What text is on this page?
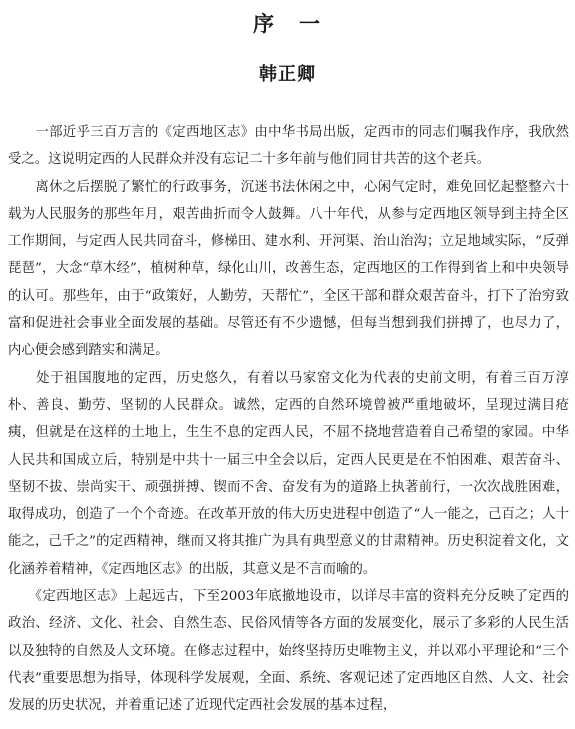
序　一
韩正卿

　　一部近乎三百万言的《定西地区志》由中华书局出版，定西市的同志们嘱我作序，我欣然受之。这说明定西的人民群众并没有忘记二十多年前与他们同甘共苦的这个老兵。

　　离休之后摆脱了繁忙的行政事务，沉迷书法休闲之中，心闲气定时，难免回忆起整整六十载为人民服务的那些年月，艰苦曲折而令人鼓舞。八十年代，从参与定西地区领导到主持全区工作期间，与定西人民共同奋斗，修梯田、建水利、开河渠、治山治沟；立足地域实际，“反弹琵琶”，大念“草木经”，植树种草，绿化山川，改善生态，定西地区的工作得到省上和中央领导的认可。那些年，由于“政策好，人勤劳，天帮忙”，全区干部和群众艰苦奋斗，打下了治穷致富和促进社会事业全面发展的基础。尽管还有不少遗憾，但每当想到我们拼搏了，也尽力了，内心便会感到踏实和满足。

　　处于祖国腹地的定西，历史悠久，有着以马家窑文化为代表的史前文明，有着三百万淳朴、善良、勤劳、坚韧的人民群众。诚然，定西的自然环境曾被严重地破坏，呈现过满目疮痍，但就是在这样的土地上，生生不息的定西人民，不屈不挠地营造着自己希望的家园。中华人民共和国成立后，特别是中共十一届三中全会以后，定西人民更是在不怕困难、艰苦奋斗、坚韧不拔、崇尚实干、顽强拼搏、锲而不舍、奋发有为的道路上执著前行，一次次战胜困难，取得成功，创造了一个个奇迹。在改革开放的伟大历史进程中创造了“人一能之，己百之；人十能之，己千之”的定西精神，继而又将其推广为具有典型意义的甘肃精神。历史积淀着文化，文化涵养着精神，《定西地区志》的出版，其意义是不言而喻的。

　　《定西地区志》上起远古，下至2003年底撤地设市，以详尽丰富的资料充分反映了定西的政治、经济、文化、社会、自然生态、民俗风情等各方面的发展变化，展示了多彩的人民生活以及独特的自然及人文环境。在修志过程中，始终坚持历史唯物主义，并以邓小平理论和“三个代表”重要思想为指导，体现科学发展观，全面、系统、客观记述了定西地区自然、人文、社会发展的历史状况，并着重记述了近现代定西社会发展的基本过程，
